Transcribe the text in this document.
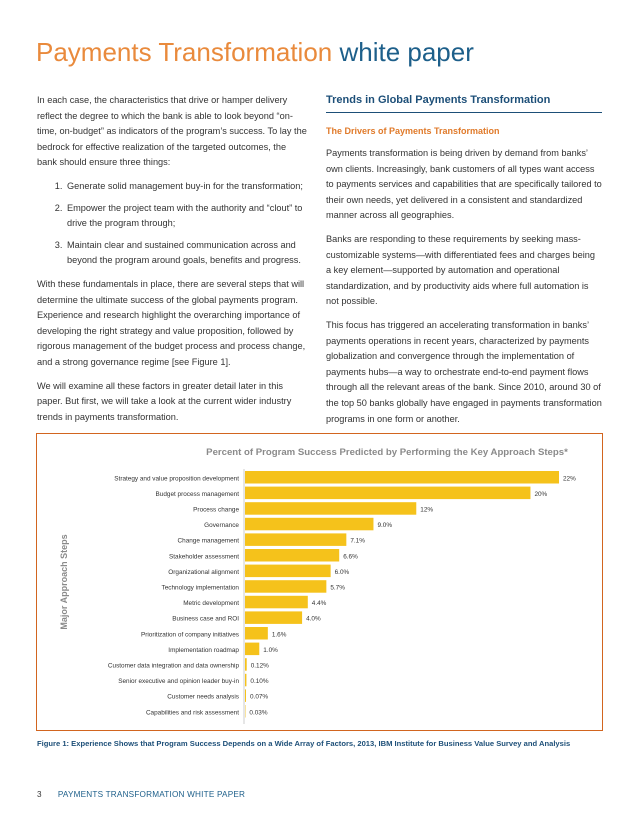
Payments Transformation white paper

In each case, the characteristics that drive or hamper delivery reflect the degree to which the bank is able to look beyond “on-time, on-budget” as indicators of the program’s success. To lay the bedrock for effective realization of the targeted outcomes, the bank should ensure three things:

1. Generate solid management buy-in for the transformation;
2. Empower the project team with the authority and “clout” to drive the program through;
3. Maintain clear and sustained communication across and beyond the program around goals, benefits and progress.

With these fundamentals in place, there are several steps that will determine the ultimate success of the global payments program. Experience and research highlight the overarching importance of developing the right strategy and value proposition, followed by rigorous management of the budget process and process change, and a strong governance regime [see Figure 1].

We will examine all these factors in greater detail later in this paper. But first, we will take a look at the current wider industry trends in payments transformation.

Trends in Global Payments Transformation
The Drivers of Payments Transformation

Payments transformation is being driven by demand from banks’ own clients. Increasingly, bank customers of all types want access to payments services and capabilities that are specifically tailored to their own needs, yet delivered in a consistent and standardized manner across all geographies.

Banks are responding to these requirements by seeking mass-customizable systems—with differentiated fees and charges being a key element—supported by automation and operational standardization, and by productivity aids where full automation is not possible.

This focus has triggered an accelerating transformation in banks’ payments operations in recent years, characterized by payments globalization and convergence through the implementation of payments hubs—a way to orchestrate end-to-end payment flows through all the relevant areas of the bank. Since 2010, around 30 of the top 50 banks globally have engaged in payments transformation programs in one form or another.

Percent of Program Success Predicted by Performing the Key Approach Steps*
Major Approach Steps
Strategy and value proposition development	22%
Budget process management	20%
Process change	12%
Governance	9.0%
Change management	7.1%
Stakeholder assessment	6.6%
Organizational alignment	6.0%
Technology implementation	5.7%
Metric development	4.4%
Business case and ROI	4.0%
Prioritization of company initiatives	1.6%
Implementation roadmap	1.0%
Customer data integration and data ownership 0.12%
Senior executive and opinion leader buy-in 0.10%
Customer needs analysis 0.07%
Capabilities and risk assessment 0.03%
Figure 1: Experience Shows that Program Success Depends on a Wide Array of Factors, 2013, IBM Institute for Business Value Survey and Analysis
3 PAYMENTS TRANSFORMATION WHITE PAPER
